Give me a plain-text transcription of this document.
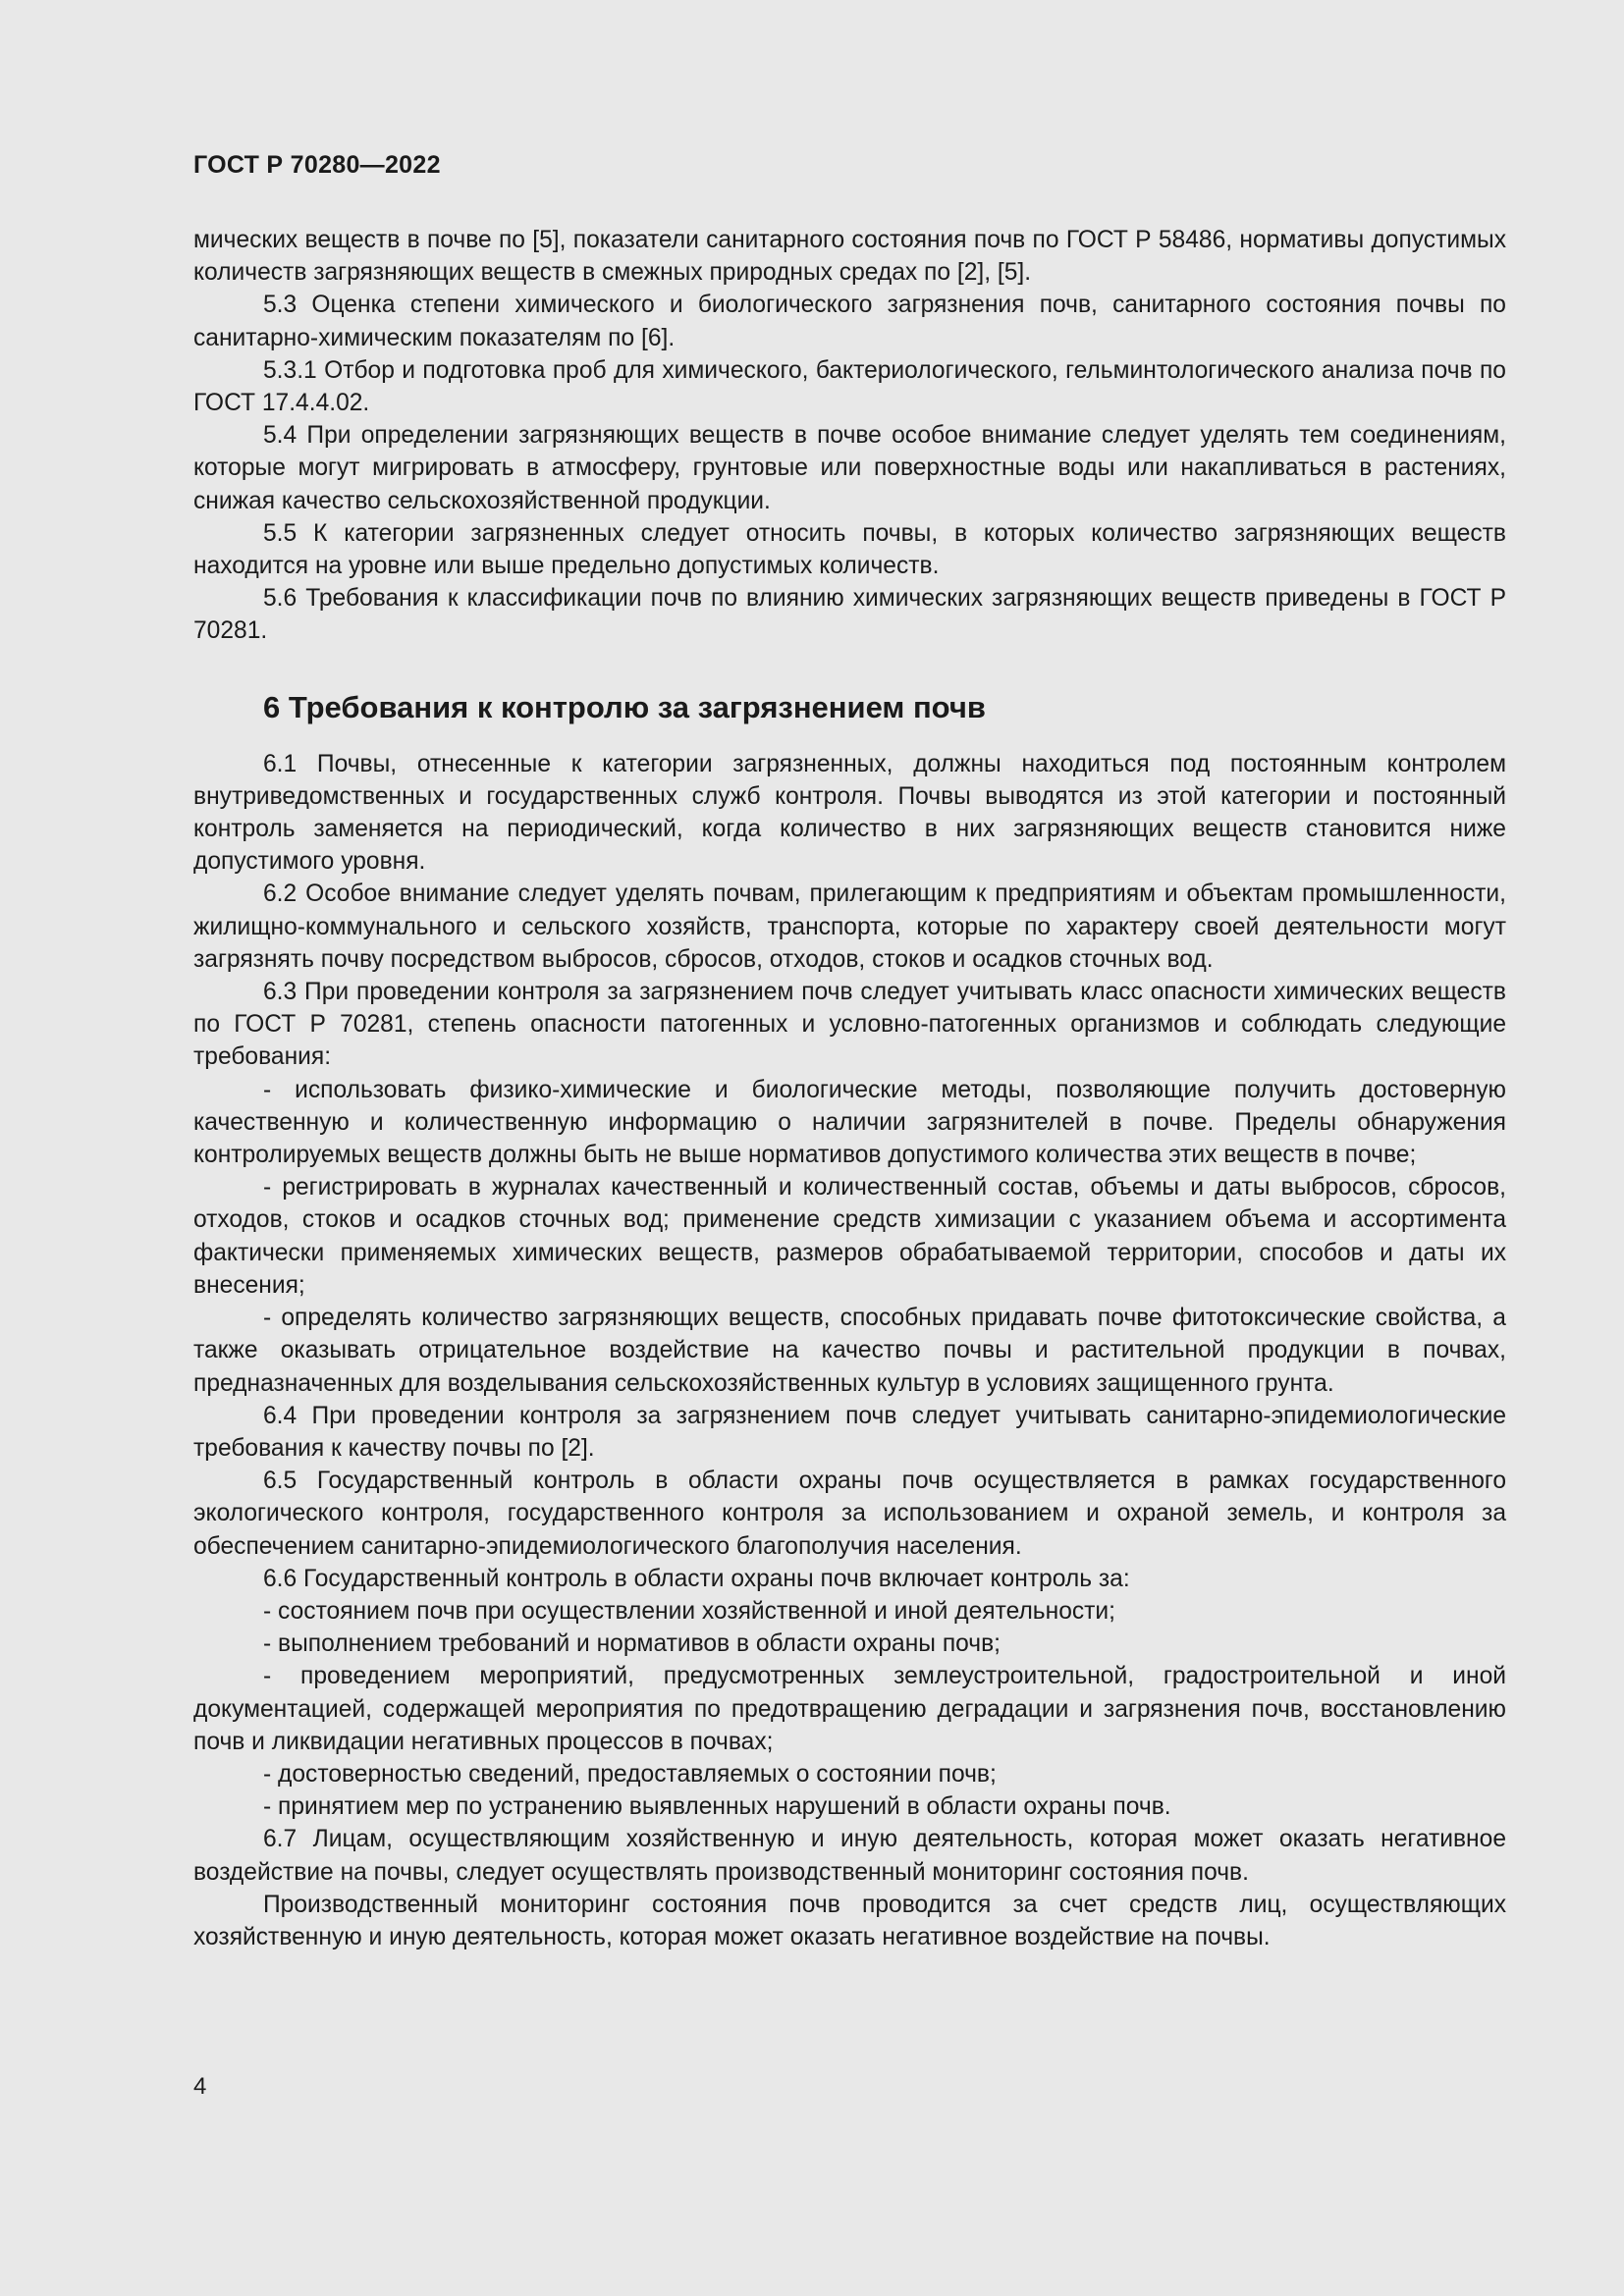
ГОСТ Р 70280—2022

мических веществ в почве по [5], показатели санитарного состояния почв по ГОСТ Р 58486, нормативы допустимых количеств загрязняющих веществ в смежных природных средах по [2], [5].

5.3 Оценка степени химического и биологического загрязнения почв, санитарного состояния почвы по санитарно-химическим показателям по [6].

5.3.1 Отбор и подготовка проб для химического, бактериологического, гельминтологического анализа почв по ГОСТ 17.4.4.02.

5.4 При определении загрязняющих веществ в почве особое внимание следует уделять тем соединениям, которые могут мигрировать в атмосферу, грунтовые или поверхностные воды или накапливаться в растениях, снижая качество сельскохозяйственной продукции.

5.5 К категории загрязненных следует относить почвы, в которых количество загрязняющих веществ находится на уровне или выше предельно допустимых количеств.

5.6 Требования к классификации почв по влиянию химических загрязняющих веществ приведены в ГОСТ Р 70281.

6 Требования к контролю за загрязнением почв

6.1 Почвы, отнесенные к категории загрязненных, должны находиться под постоянным контролем внутриведомственных и государственных служб контроля. Почвы выводятся из этой категории и постоянный контроль заменяется на периодический, когда количество в них загрязняющих веществ становится ниже допустимого уровня.

6.2 Особое внимание следует уделять почвам, прилегающим к предприятиям и объектам промышленности, жилищно-коммунального и сельского хозяйств, транспорта, которые по характеру своей деятельности могут загрязнять почву посредством выбросов, сбросов, отходов, стоков и осадков сточных вод.

6.3 При проведении контроля за загрязнением почв следует учитывать класс опасности химических веществ по ГОСТ Р 70281, степень опасности патогенных и условно-патогенных организмов и соблюдать следующие требования:

- использовать физико-химические и биологические методы, позволяющие получить достоверную качественную и количественную информацию о наличии загрязнителей в почве. Пределы обнаружения контролируемых веществ должны быть не выше нормативов допустимого количества этих веществ в почве;

- регистрировать в журналах качественный и количественный состав, объемы и даты выбросов, сбросов, отходов, стоков и осадков сточных вод; применение средств химизации с указанием объема и ассортимента фактически применяемых химических веществ, размеров обрабатываемой территории, способов и даты их внесения;

- определять количество загрязняющих веществ, способных придавать почве фитотоксические свойства, а также оказывать отрицательное воздействие на качество почвы и растительной продукции в почвах, предназначенных для возделывания сельскохозяйственных культур в условиях защищенного грунта.

6.4 При проведении контроля за загрязнением почв следует учитывать санитарно-эпидемиологические требования к качеству почвы по [2].

6.5 Государственный контроль в области охраны почв осуществляется в рамках государственного экологического контроля, государственного контроля за использованием и охраной земель, и контроля за обеспечением санитарно-эпидемиологического благополучия населения.

6.6 Государственный контроль в области охраны почв включает контроль за:

- состоянием почв при осуществлении хозяйственной и иной деятельности;

- выполнением требований и нормативов в области охраны почв;

- проведением мероприятий, предусмотренных землеустроительной, градостроительной и иной документацией, содержащей мероприятия по предотвращению деградации и загрязнения почв, восстановлению почв и ликвидации негативных процессов в почвах;

- достоверностью сведений, предоставляемых о состоянии почв;

- принятием мер по устранению выявленных нарушений в области охраны почв.

6.7 Лицам, осуществляющим хозяйственную и иную деятельность, которая может оказать негативное воздействие на почвы, следует осуществлять производственный мониторинг состояния почв.

Производственный мониторинг состояния почв проводится за счет средств лиц, осуществляющих хозяйственную и иную деятельность, которая может оказать негативное воздействие на почвы.

4
